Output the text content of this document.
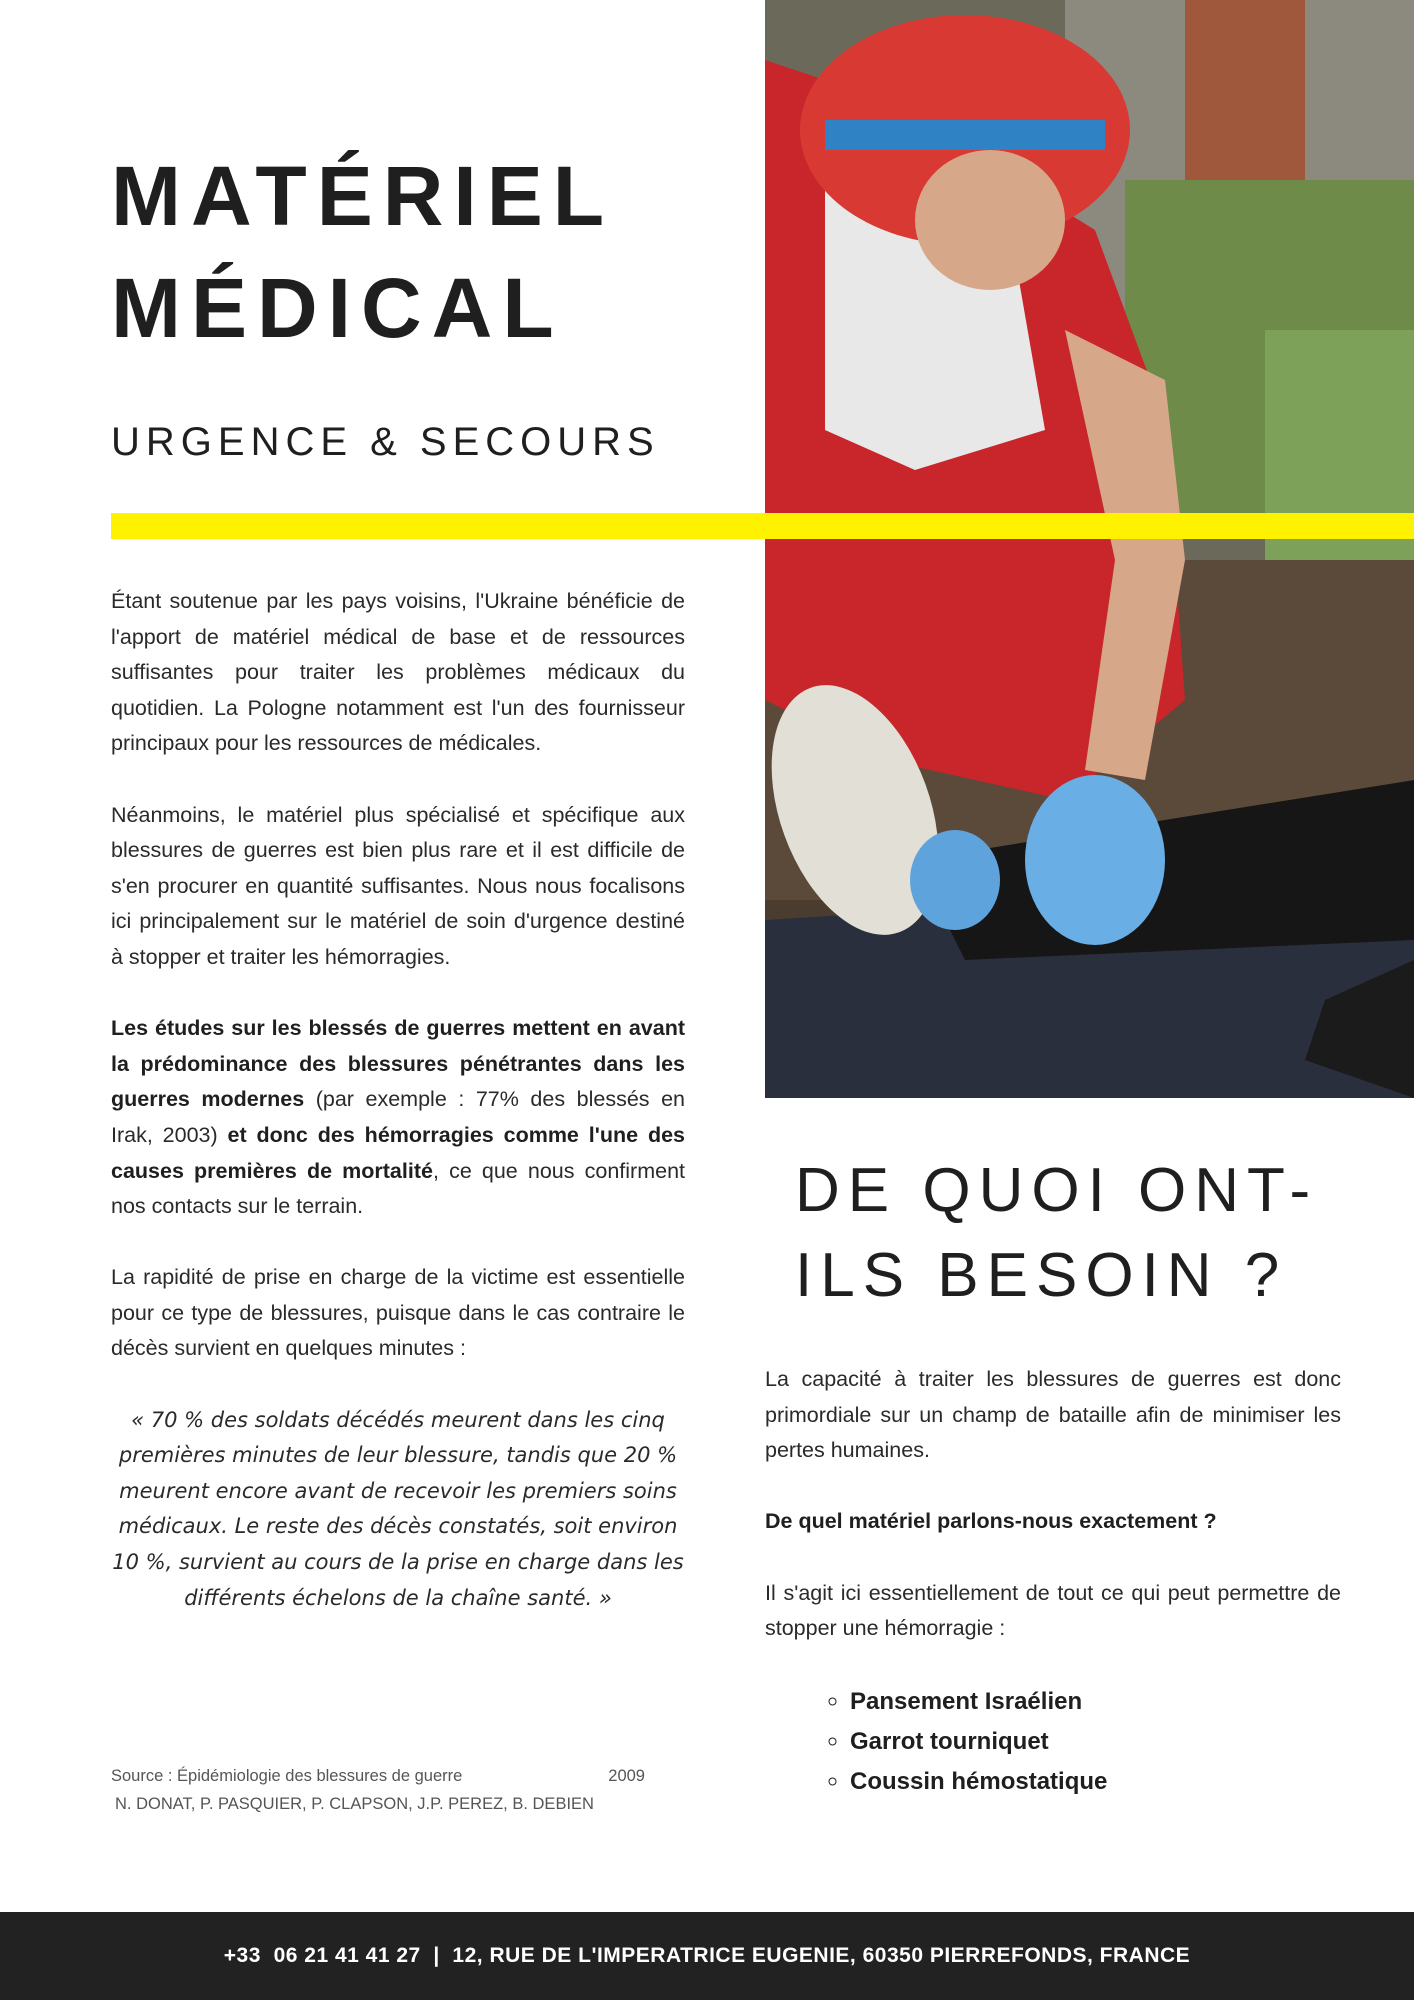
MATÉRIEL
MÉDICAL
URGENCE & SECOURS

Étant soutenue par les pays voisins, l'Ukraine bénéficie de l'apport de matériel médical de base et de ressources suffisantes pour traiter les problèmes médicaux du quotidien. La Pologne notamment est l'un des fournisseur principaux pour les ressources de médicales.

Néanmoins, le matériel plus spécialisé et spécifique aux blessures de guerres est bien plus rare et il est difficile de s'en procurer en quantité suffisantes. Nous nous focalisons ici principalement sur le matériel de soin d'urgence destiné à stopper et traiter les hémorragies.

Les études sur les blessés de guerres mettent en avant la prédominance des blessures pénétrantes dans les guerres modernes (par exemple : 77% des blessés en Irak, 2003) et donc des hémorragies comme l'une des causes premières de mortalité, ce que nous confirment nos contacts sur le terrain.

La rapidité de prise en charge de la victime est essentielle pour ce type de blessures, puisque dans le cas contraire le décès survient en quelques minutes :

« 70 % des soldats décédés meurent dans les cinq premières minutes de leur blessure, tandis que 20 % meurent encore avant de recevoir les premiers soins médicaux. Le reste des décès constatés, soit environ 10 %, survient au cours de la prise en charge dans les différents échelons de la chaîne santé. »

Source : Épidémiologie des blessures de guerre	2009
N. DONAT, P. PASQUIER, P. CLAPSON, J.P. PEREZ, B. DEBIEN
DE QUOI ONT-
ILS BESOIN ?

La capacité à traiter les blessures de guerres est donc primordiale sur un champ de bataille afin de minimiser les pertes humaines.

De quel matériel parlons-nous exactement ?

Il s'agit ici essentiellement de tout ce qui peut permettre de stopper une hémorragie :

◦ Pansement Israélien
◦ Garrot tourniquet
◦ Coussin hémostatique
+33  06 21 41 41 27  |  12, RUE DE L'IMPERATRICE EUGENIE, 60350 PIERREFONDS, FRANCE
